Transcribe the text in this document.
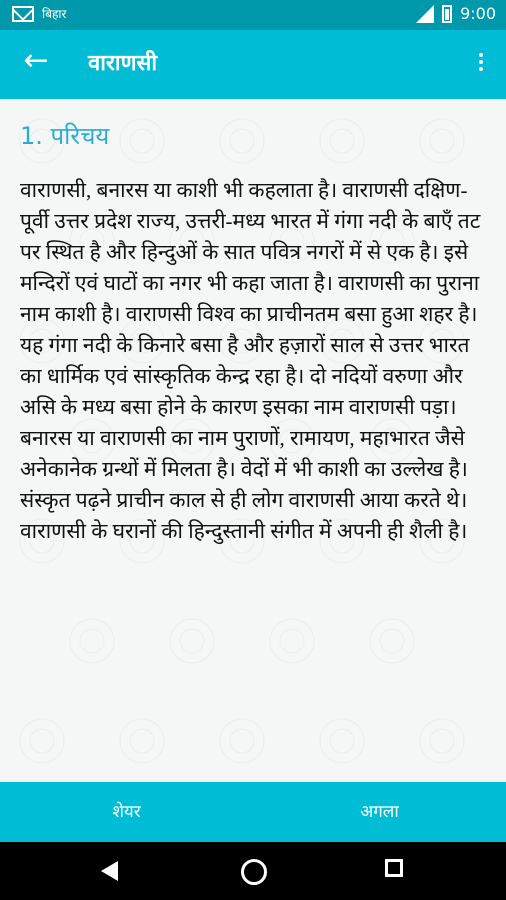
बिहार	9:00
← वाराणसी
1. परिचय
वाराणसी, बनारस या काशी भी कहलाता है। वाराणसी दक्षिण-पूर्वी उत्तर प्रदेश राज्य, उत्तरी-मध्य भारत में गंगा नदी के बाएँ तट पर स्थित है और हिन्दुओं के सात पवित्र नगरों में से एक है। इसे मन्दिरों एवं घाटों का नगर भी कहा जाता है। वाराणसी का पुराना नाम काशी है। वाराणसी विश्व का प्राचीनतम बसा हुआ शहर है। यह गंगा नदी के किनारे बसा है और हज़ारों साल से उत्तर भारत का धार्मिक एवं सांस्कृतिक केन्द्र रहा है। दो नदियों वरुणा और असि के मध्य बसा होने के कारण इसका नाम वाराणसी पड़ा। बनारस या वाराणसी का नाम पुराणों, रामायण, महाभारत जैसे अनेकानेक ग्रन्थों में मिलता है। वेदों में भी काशी का उल्लेख है। संस्कृत पढ़ने प्राचीन काल से ही लोग वाराणसी आया करते थे। वाराणसी के घरानों की हिन्दुस्तानी संगीत में अपनी ही शैली है।
शेयर	अगला
